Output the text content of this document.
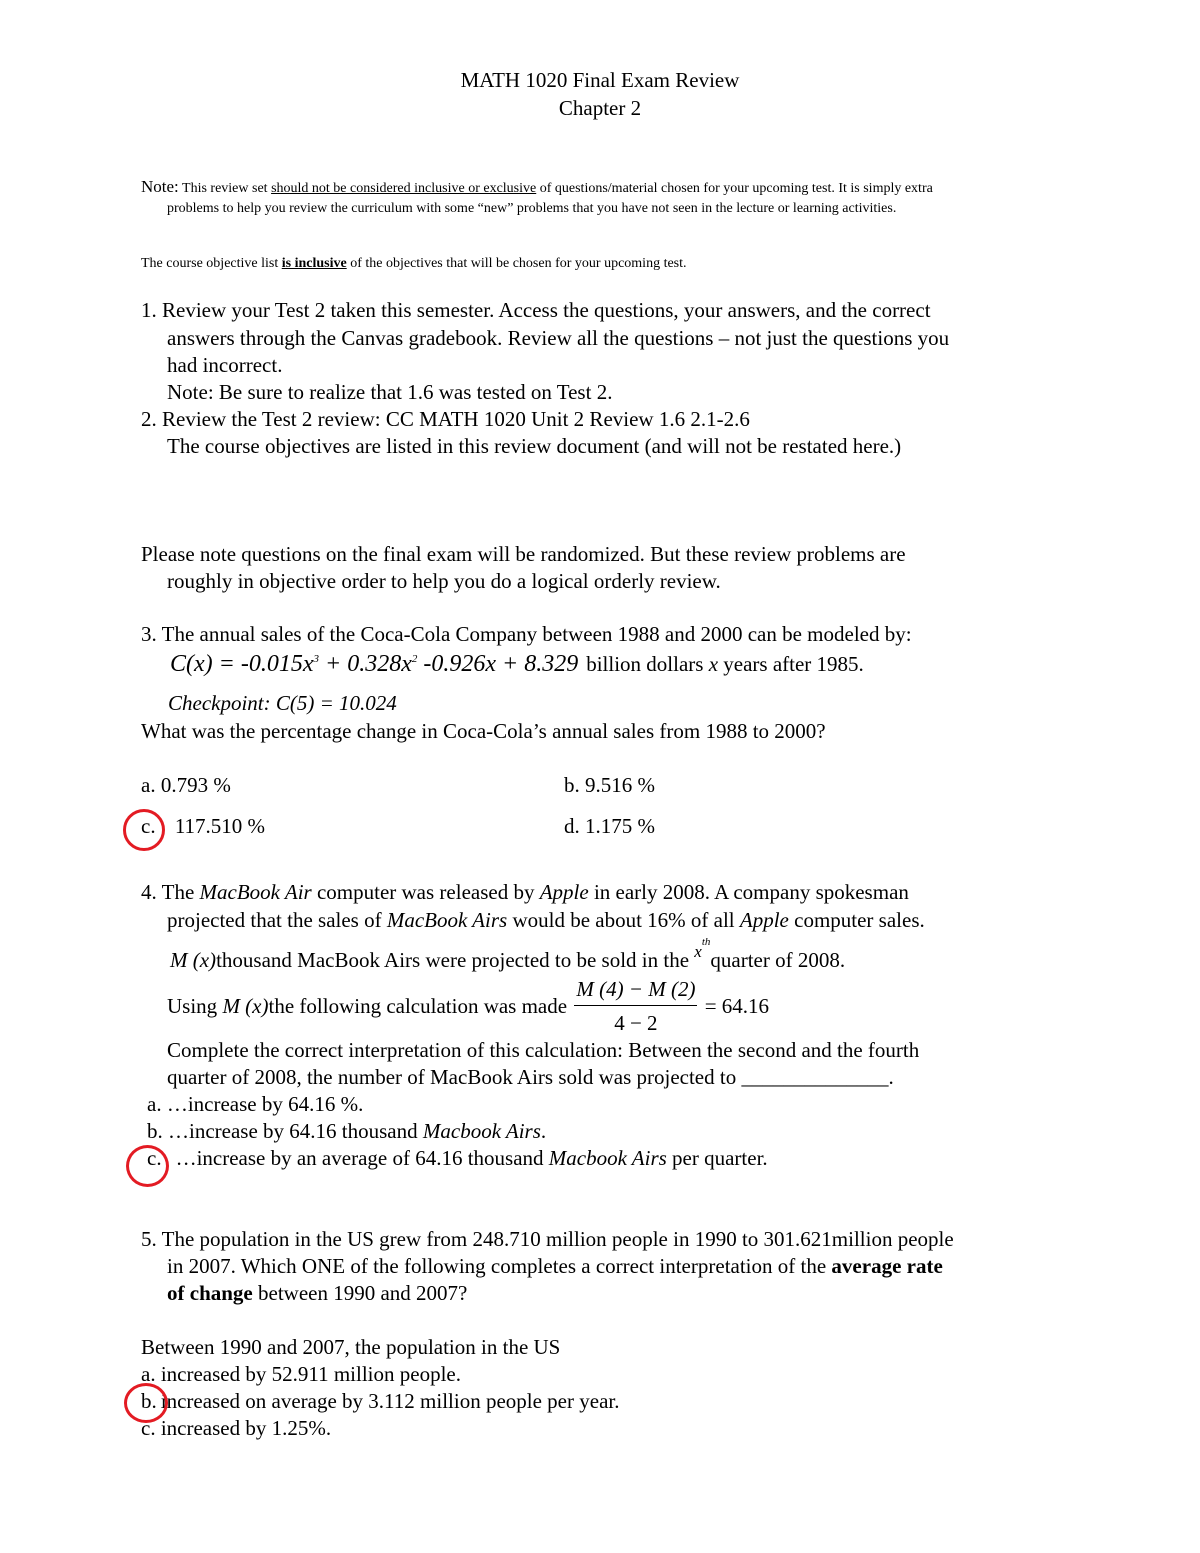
MATH 1020 Final Exam Review
Chapter 2
Note: This review set should not be considered inclusive or exclusive of questions/material chosen for your upcoming test. It is simply extra
problems to help you review the curriculum with some “new” problems that you have not seen in the lecture or learning activities.
The course objective list is inclusive of the objectives that will be chosen for your upcoming test.
1. Review your Test 2 taken this semester. Access the questions, your answers, and the correct
answers through the Canvas gradebook. Review all the questions – not just the questions you
had incorrect.
Note: Be sure to realize that 1.6 was tested on Test 2.
2. Review the Test 2 review: CC MATH 1020 Unit 2 Review 1.6 2.1-2.6
The course objectives are listed in this review document (and will not be restated here.)
Please note questions on the final exam will be randomized. But these review problems are
roughly in objective order to help you do a logical orderly review.
3. The annual sales of the Coca-Cola Company between 1988 and 2000 can be modeled by:
$C(x) = -0.015x^3 + 0.328x^2$ -0.926x + 8.329 billion dollars x years after 1985.
Checkpoint: C(5) = 10.024
What was the percentage change in Coca-Cola’s annual sales from 1988 to 2000?
a. 0.793 %	b. 9.516 %
c. 117.510 %	d. 1.175 %
4. The MacBook Air computer was released by Apple in early 2008. A company spokesman
projected that the sales of MacBook Airs would be about 16% of all Apple computer sales.
M (x)thousand MacBook Airs were projected to be sold in the $^{xth}$quarter of 2008.
Using M (x)the following calculation was made $\frac{M (4) - M (2)}{4 - 2} = 64.16$
Complete the correct interpretation of this calculation: Between the second and the fourth
quarter of 2008, the number of MacBook Airs sold was projected to ______________.
a. …increase by 64.16 %.
b. …increase by 64.16 thousand Macbook Airs.
c. …increase by an average of 64.16 thousand Macbook Airs per quarter.
5. The population in the US grew from 248.710 million people in 1990 to 301.621million people
in 2007. Which ONE of the following completes a correct interpretation of the average rate
of change between 1990 and 2007?
Between 1990 and 2007, the population in the US
a. increased by 52.911 million people.
b. increased on average by 3.112 million people per year.
c. increased by 1.25%.
